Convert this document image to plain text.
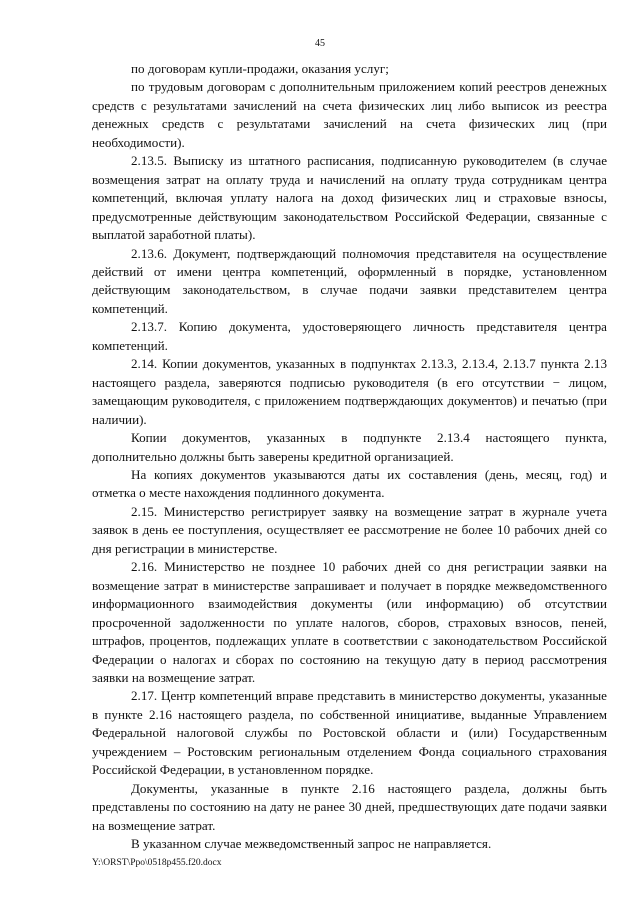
45

по договорам купли-продажи, оказания услуг;

по трудовым договорам с дополнительным приложением копий реестров денежных средств с результатами зачислений на счета физических лиц либо выписок из реестра денежных средств с результатами зачислений на счета физических лиц (при необходимости).

2.13.5. Выписку из штатного расписания, подписанную руководителем (в случае возмещения затрат на оплату труда и начислений на оплату труда сотрудникам центра компетенций, включая уплату налога на доход физических лиц и страховые взносы, предусмотренные действующим законодательством Российской Федерации, связанные с выплатой заработной платы).

2.13.6. Документ, подтверждающий полномочия представителя на осуществление действий от имени центра компетенций, оформленный в порядке, установленном действующим законодательством, в случае подачи заявки представителем центра компетенций.

2.13.7. Копию документа, удостоверяющего личность представителя центра компетенций.

2.14. Копии документов, указанных в подпунктах 2.13.3, 2.13.4, 2.13.7 пункта 2.13 настоящего раздела, заверяются подписью руководителя (в его отсутствии − лицом, замещающим руководителя, с приложением подтверждающих документов) и печатью (при наличии).

Копии документов, указанных в подпункте 2.13.4 настоящего пункта, дополнительно должны быть заверены кредитной организацией.

На копиях документов указываются даты их составления (день, месяц, год) и отметка о месте нахождения подлинного документа.

2.15. Министерство регистрирует заявку на возмещение затрат в журнале учета заявок в день ее поступления, осуществляет ее рассмотрение не более 10 рабочих дней со дня регистрации в министерстве.

2.16. Министерство не позднее 10 рабочих дней со дня регистрации заявки на возмещение затрат в министерстве запрашивает и получает в порядке межведомственного информационного взаимодействия документы (или информацию) об отсутствии просроченной задолженности по уплате налогов, сборов, страховых взносов, пеней, штрафов, процентов, подлежащих уплате в соответствии с законодательством Российской Федерации о налогах и сборах по состоянию на текущую дату в период рассмотрения заявки на возмещение затрат.

2.17. Центр компетенций вправе представить в министерство документы, указанные в пункте 2.16 настоящего раздела, по собственной инициативе, выданные Управлением Федеральной налоговой службы по Ростовской области и (или) Государственным учреждением – Ростовским региональным отделением Фонда социального страхования Российской Федерации, в установленном порядке.

Документы, указанные в пункте 2.16 настоящего раздела, должны быть представлены по состоянию на дату не ранее 30 дней, предшествующих дате подачи заявки на возмещение затрат.

В указанном случае межведомственный запрос не направляется.

Y:\ORST\Ppo\0518p455.f20.docx
